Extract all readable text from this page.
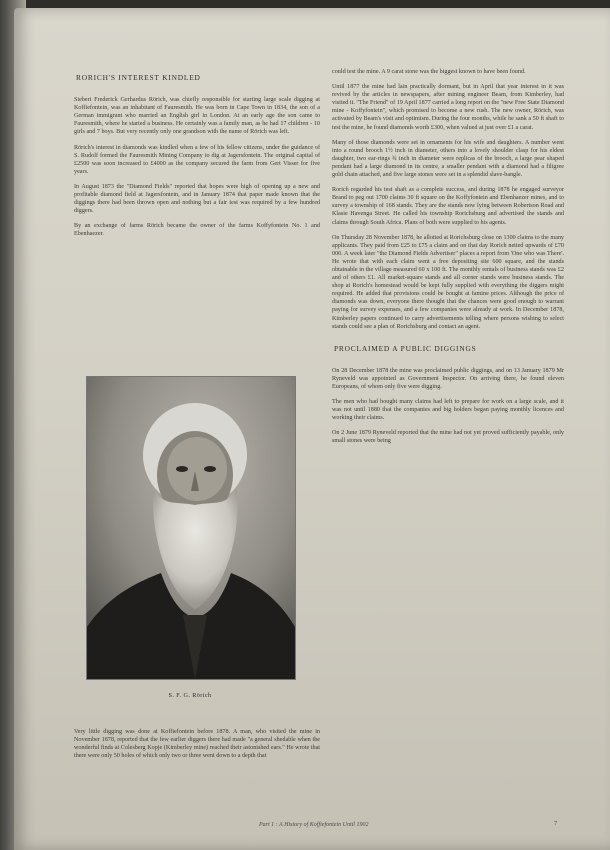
RORICH'S INTEREST KINDLED

Siebert Frederick Gerhardus Rörich, was chiefly responsible for starting large scale digging at Koffiefontein, was an inhabitant of Fauresmith. He was born in Cape Town in 1834, the son of a German immigrant who married an English girl in London. At an early age the son came to Fauresmith, where he started a business. He certainly was a family man, as he had 17 children - 10 girls and 7 boys. But very recently only one grandson with the name of Rörich was left.

Rörich's interest in diamonds was kindled when a few of his fellow citizens, under the guidance of S. Rudolf formed the Fauresmith Mining Company to dig at Jagersfontein. The original capital of £2500 was soon increased to £4000 as the company secured the farm from Gert Visser for five years.

In August 1873 the "Diamond Fields" reported that hopes were high of opening up a new and profitable diamond field at Jagersfontein, and in January 1874 that paper made known that the diggings there had been thrown open and nothing but a fair test was required by a few hundred diggers.

By an exchange of farms Rörich became the owner of the farms Koffyfontein No. 1 and Ebenhaezer.

S. F. G. Rörich
Very little digging was done at Koffiefontein before 1878. A man, who visited the mine in November 1878, reported that the few earlier diggers there had made "a general shedable when the wonderful finds at Colesberg Kopje (Kimberley mine) reached their astonished ears." He wrote that there were only 50 holes of which only two or three went down to a depth that

could test the mine. A 9 carat stone was the biggest known to have been found.

Until 1877 the mine had lain practically dormant, but in April that year interest in it was revived by the articles in newspapers, after mining engineer Beam, from Kimberley, had visited it. "The Friend" of 19 April 1877 carried a long report on the "new Free State Diamond mine - Koffyfontein", which promised to become a new rush. The new owner, Rörich, was activated by Beam's visit and optimism. During the four months, while he sank a 50 ft shaft to test the mine, he found diamonds worth £300, when valued at just over £1 a carat.

Many of those diamonds were set in ornaments for his wife and daughters. A number went into a round brooch 1½ inch in diameter, others into a lovely shoulder clasp for his eldest daughter, two ear-rings ¾ inch in diameter were replicas of the brooch, a large pear shaped pendant had a large diamond in its centre, a smaller pendant with a diamond had a filigree gold chain attached, and five large stones were set in a splendid slave-bangle.

Rorich regarded his test shaft as a complete success, and during 1878 he engaged surveyor Brand to peg out 1700 claims 30 ft square on the Koffyfontein and Ebenhaezer mines, and to survey a township of 168 stands. They are the stands now lying between Robertson Road and Klasie Havenga Street. He called his township Rorichsburg and advertised the stands and claims through South Africa. Plans of both were supplied to his agents.

On Thursday 28 November 1878, he allotted at Rorichsburg close on 1300 claims to the many applicants. They paid from £25 to £75 a claim and on that day Rorich netted upwards of £70 000. A week later "the Diamond Fields Advertiser" places a report from 'One who was There'. He wrote that with each claim went a free depositing site 600 square, and the stands obtainable in the village measured 60 x 100 ft. The monthly rentals of business stands was £2 and of others £1. All market-square stands and all corner stands were business stands. The shop at Rorich's homestead would be kept fully supplied with everything the diggers might required. He added that provisions could be bought at famine prices. Although the price of diamonds was down, everyone there thought that the chances were good enough to warrant paying for survey expenses, and a few companies were already at work. In December 1878, Kimberley papers continued to carry advertisements telling where persons wishing to select stands could see a plan of Rorichsburg and contact an agent.

PROCLAIMED A PUBLIC DIGGINGS

On 28 December 1878 the mine was proclaimed public diggings, and on 13 January 1879 Mr Ryneveld was appointed as Government Inspector. On arriving there, he found eleven Europeans, of whom only five were digging.

The men who had bought many claims had left to prepare for work on a large scale, and it was not until 1880 that the companies and big holders began paying monthly licences and working their claims.

On 2 June 1879 Ryneveld reported that the mine had not yet proved sufficiently payable, only small stones were being

Part 1 : A History of Koffiefontein Until 1902	7
